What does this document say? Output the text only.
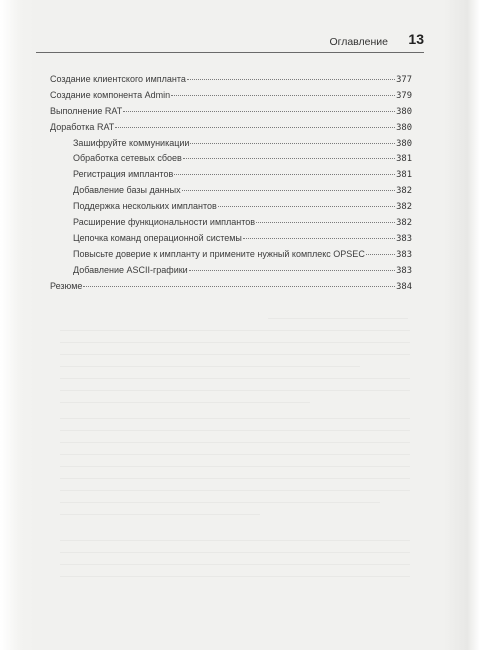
Оглавление 13
Создание клиентского импланта	377
Создание компонента Admin	379
Выполнение RAT	380
Доработка RAT	380
Зашифруйте коммуникации	380
Обработка сетевых сбоев	381
Регистрация имплантов	381
Добавление базы данных	382
Поддержка нескольких имплантов	382
Расширение функциональности имплантов	382
Цепочка команд операционной системы	383
Повысьте доверие к импланту и примените нужный комплекс OPSEC	383
Добавление ASCII-графики	383
Резюме	384
